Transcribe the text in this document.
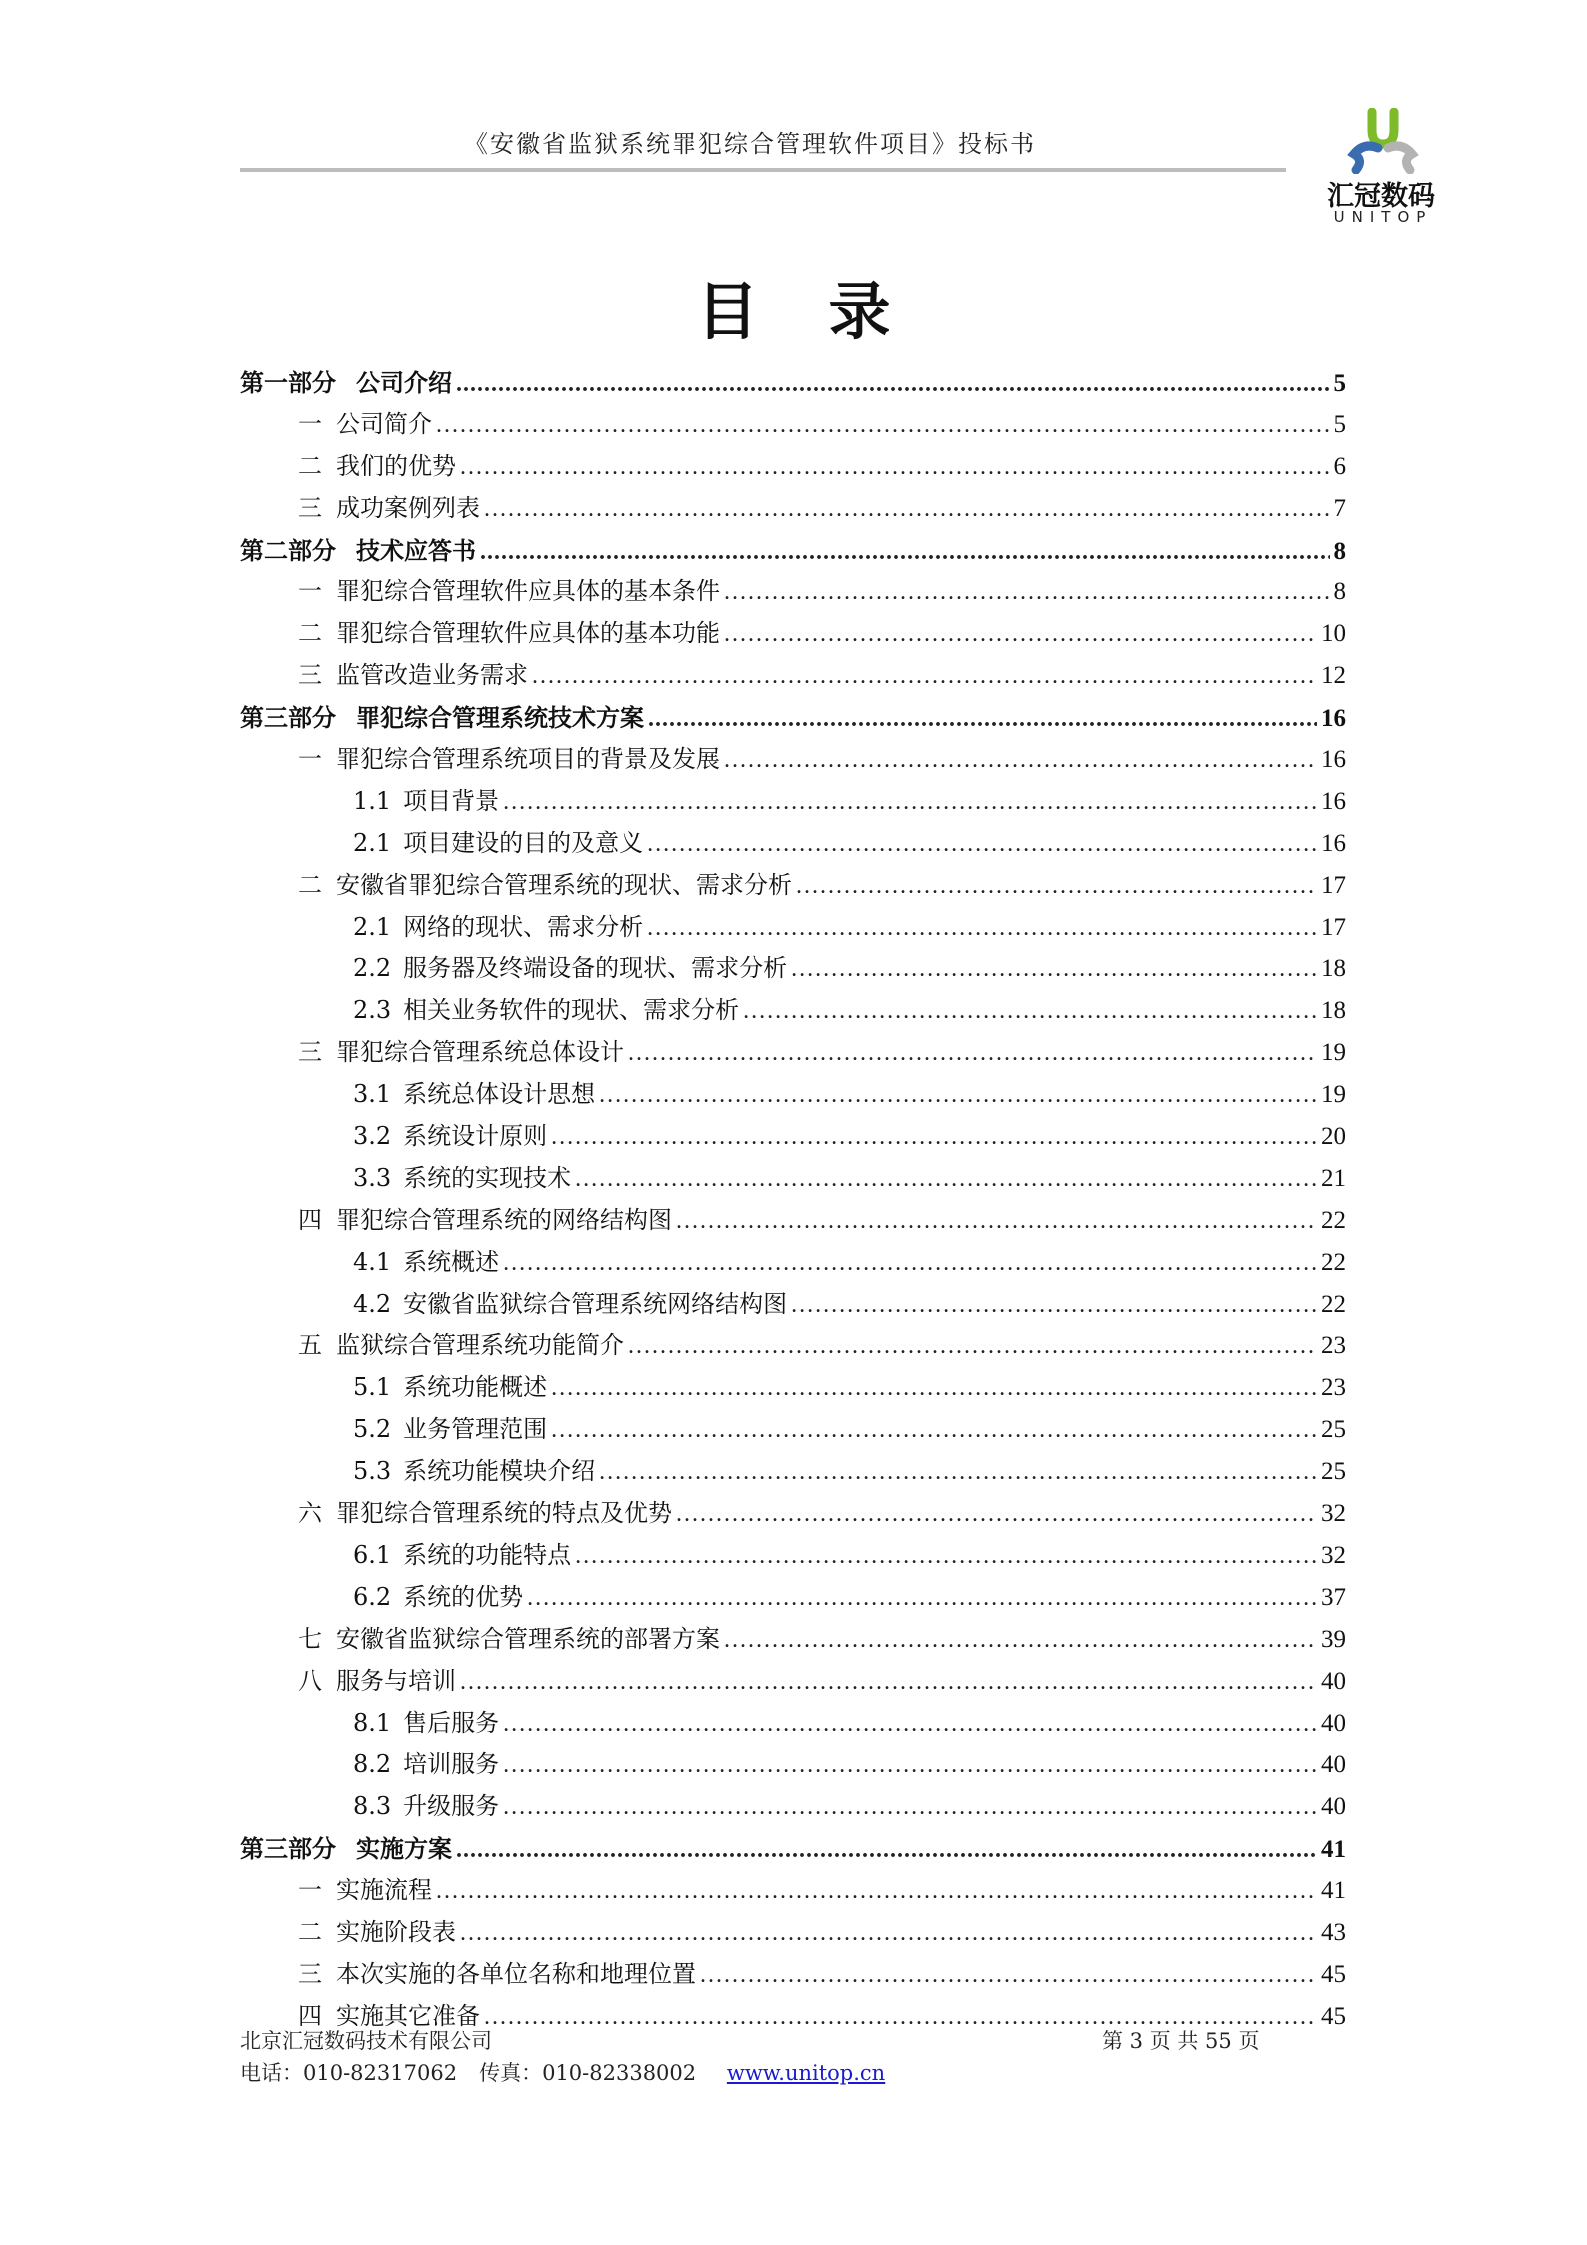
《安徽省监狱系统罪犯综合管理软件项目》投标书
汇冠数码
UNITOP
目录
第一部分 公司介绍 .....	5
一 公司简介 .....	5
二 我们的优势 .....	6
三 成功案例列表 .....	7
第二部分 技术应答书 .....	8
一 罪犯综合管理软件应具体的基本条件 .....	8
二 罪犯综合管理软件应具体的基本功能 .....	10
三 监管改造业务需求 .....	12
第三部分 罪犯综合管理系统技术方案 .....	16
一 罪犯综合管理系统项目的背景及发展 .....	16
1.1 项目背景 .....	16
2.1 项目建设的目的及意义 .....	16
二 安徽省罪犯综合管理系统的现状、需求分析 .....	17
2.1 网络的现状、需求分析 .....	17
2.2 服务器及终端设备的现状、需求分析 .....	18
2.3 相关业务软件的现状、需求分析 .....	18
三 罪犯综合管理系统总体设计 .....	19
3.1 系统总体设计思想 .....	19
3.2 系统设计原则 .....	20
3.3 系统的实现技术 .....	21
四 罪犯综合管理系统的网络结构图 .....	22
4.1 系统概述 .....	22
4.2 安徽省监狱综合管理系统网络结构图 .....	22
五 监狱综合管理系统功能简介 .....	23
5.1 系统功能概述 .....	23
5.2 业务管理范围 .....	25
5.3 系统功能模块介绍 .....	25
六 罪犯综合管理系统的特点及优势 .....	32
6.1 系统的功能特点 .....	32
6.2 系统的优势 .....	37
七 安徽省监狱综合管理系统的部署方案 .....	39
八 服务与培训 .....	40
8.1 售后服务 .....	40
8.2 培训服务 .....	40
8.3 升级服务 .....	40
第三部分 实施方案 .....	41
一 实施流程 .....	41
二 实施阶段表 .....	43
三 本次实施的各单位名称和地理位置 .....	45
四 实施其它准备 .....	45
北京汇冠数码技术有限公司	第 3 页 共 55 页
电话：010-82317062 传真：010-82338002 www.unitop.cn
